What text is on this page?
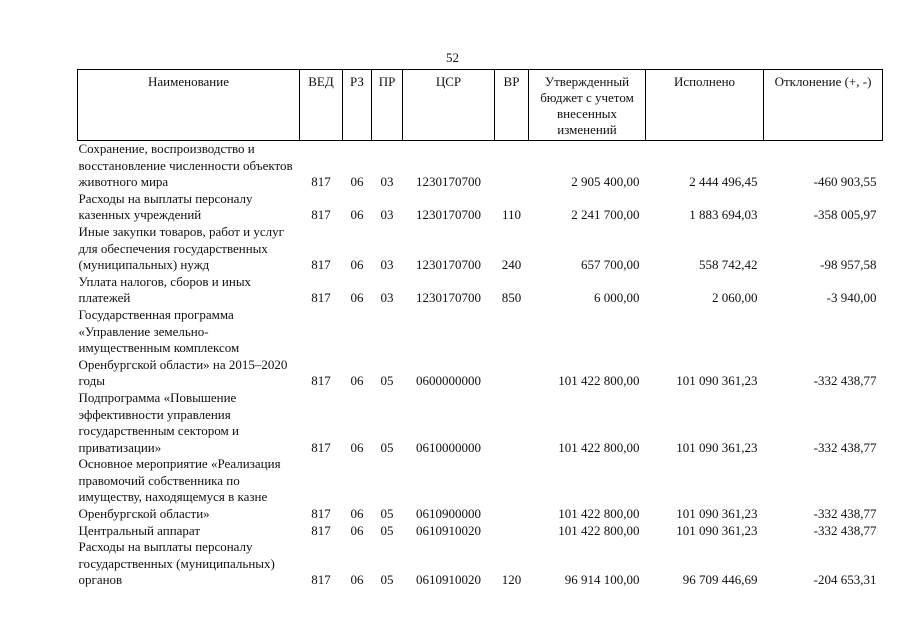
52
Наименование	ВЕД	РЗ	ПР	ЦСР	ВР	Утвержденный бюджет с учетом внесенных изменений	Исполнено	Отклонение (+, -)
Сохранение, воспроизводство и восстановление численности объектов животного мира	817	06	03	1230170700		2 905 400,00	2 444 496,45	-460 903,55
Расходы на выплаты персоналу казенных учреждений	817	06	03	1230170700	110	2 241 700,00	1 883 694,03	-358 005,97
Иные закупки товаров, работ и услуг для обеспечения государственных (муниципальных) нужд	817	06	03	1230170700	240	657 700,00	558 742,42	-98 957,58
Уплата налогов, сборов и иных платежей	817	06	03	1230170700	850	6 000,00	2 060,00	-3 940,00
Государственная программа «Управление земельно-имущественным комплексом Оренбургской области» на 2015–2020 годы	817	06	05	0600000000		101 422 800,00	101 090 361,23	-332 438,77
Подпрограмма «Повышение эффективности управления государственным сектором и приватизации»	817	06	05	0610000000		101 422 800,00	101 090 361,23	-332 438,77
Основное мероприятие «Реализация правомочий собственника по имуществу, находящемуся в казне Оренбургской области»	817	06	05	0610900000		101 422 800,00	101 090 361,23	-332 438,77
Центральный аппарат	817	06	05	0610910020		101 422 800,00	101 090 361,23	-332 438,77
Расходы на выплаты персоналу государственных (муниципальных) органов	817	06	05	0610910020	120	96 914 100,00	96 709 446,69	-204 653,31
